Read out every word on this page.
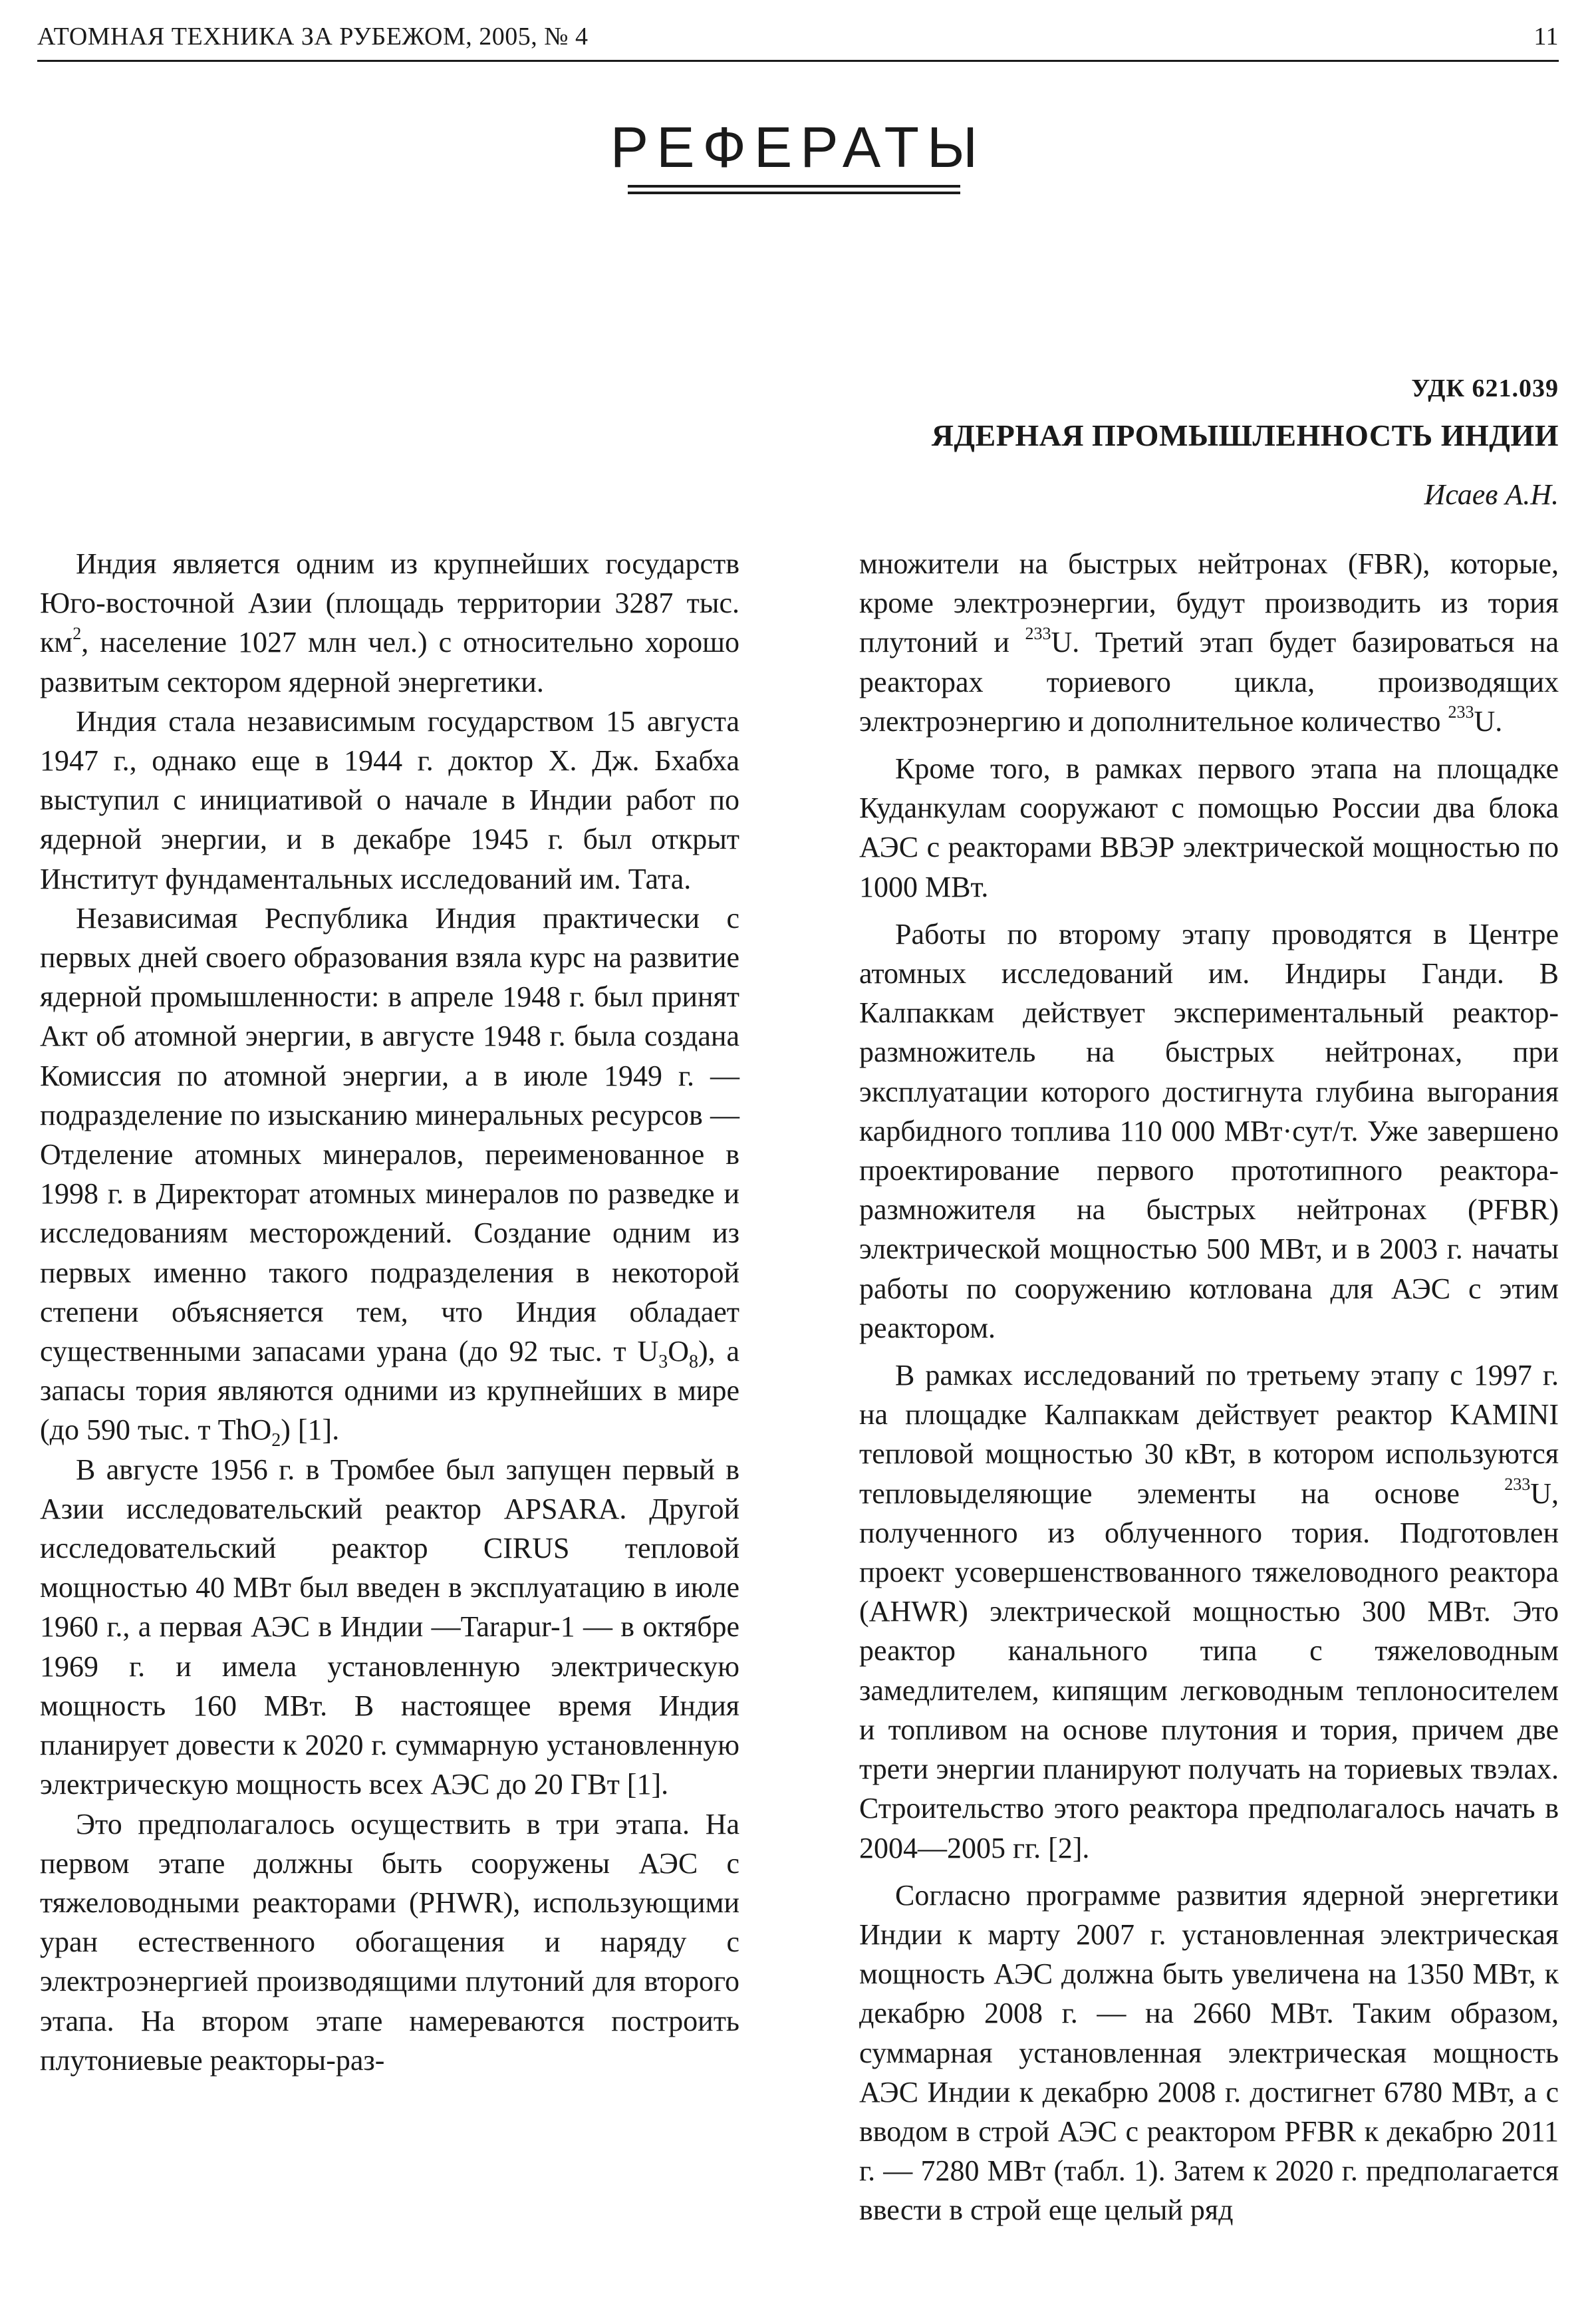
АТОМНАЯ ТЕХНИКА ЗА РУБЕЖОМ, 2005, № 4	11
РЕФЕРАТЫ
УДК 621.039
ЯДЕРНАЯ ПРОМЫШЛЕННОСТЬ ИНДИИ
Исаев А.Н.

Индия является одним из крупнейших государств Юго-восточной Азии (площадь территории 3287 тыс. $км^2$, население 1027 млн чел.) с относительно хорошо развитым сектором ядерной энергетики.

Индия стала независимым государством 15 августа 1947 г., однако еще в 1944 г. доктор Х. Дж. Бхабха выступил с инициативой о начале в Индии работ по ядерной энергии, и в декабре 1945 г. был открыт Институт фундаментальных исследований им. Тата.

Независимая Республика Индия практически с первых дней своего образования взяла курс на развитие ядерной промышленности: в апреле 1948 г. был принят Акт об атомной энергии, в августе 1948 г. была создана Комиссия по атомной энергии, а в июле 1949 г. — подразделение по изысканию минеральных ресурсов — Отделение атомных минералов, переименованное в 1998 г. в Директорат атомных минералов по разведке и исследованиям месторождений. Создание одним из первых именно такого подразделения в некоторой степени объясняется тем, что Индия обладает существенными запасами урана (до 92 тыс. т $U_3O_8$), а запасы тория являются одними из крупнейших в мире (до 590 тыс. т ThO$_2$) [1].

В августе 1956 г. в Тромбее был запущен первый в Азии исследовательский реактор APSARA. Другой исследовательский реактор CIRUS тепловой мощностью 40 МВт был введен в эксплуатацию в июле 1960 г., а первая АЭС в Индии —Tarapur-1 — в октябре 1969 г. и имела установленную электрическую мощность 160 МВт. В настоящее время Индия планирует довести к 2020 г. суммарную установленную электрическую мощность всех АЭС до 20 ГВт [1].

Это предполагалось осуществить в три этапа. На первом этапе должны быть сооружены АЭС с тяжеловодными реакторами (PHWR), использующими уран естественного обогащения и наряду с электроэнергией производящими плутоний для второго этапа. На втором этапе намереваются построить плутониевые реакторы-раз-

множители на быстрых нейтронах (FBR), которые, кроме электроэнергии, будут производить из тория плутоний и $^{233}$U. Третий этап будет базироваться на реакторах ториевого цикла, производящих электроэнергию и дополнительное количество $^{233}$U.

Кроме того, в рамках первого этапа на площадке Куданкулам сооружают с помощью России два блока АЭС с реакторами ВВЭР электрической мощностью по 1000 МВт.

Работы по второму этапу проводятся в Центре атомных исследований им. Индиры Ганди. В Калпаккам действует экспериментальный реактор-размножитель на быстрых нейтронах, при эксплуатации которого достигнута глубина выгорания карбидного топлива 110 000 МВт·сут/т. Уже завершено проектирование первого прототипного реактора-размножителя на быстрых нейтронах (PFBR) электрической мощностью 500 МВт, и в 2003 г. начаты работы по сооружению котлована для АЭС с этим реактором.

В рамках исследований по третьему этапу с 1997 г. на площадке Калпаккам действует реактор KAMINI тепловой мощностью 30 кВт, в котором используются тепловыделяющие элементы на основе $^{233}$U, полученного из облученного тория. Подготовлен проект усовершенствованного тяжеловодного реактора (AHWR) электрической мощностью 300 МВт. Это реактор канального типа с тяжеловодным замедлителем, кипящим легководным теплоносителем и топливом на основе плутония и тория, причем две трети энергии планируют получать на ториевых твэлах. Строительство этого реактора предполагалось начать в 2004—2005 гг. [2].

Согласно программе развития ядерной энергетики Индии к марту 2007 г. установленная электрическая мощность АЭС должна быть увеличена на 1350 МВт, к декабрю 2008 г. — на 2660 МВт. Таким образом, суммарная установленная электрическая мощность АЭС Индии к декабрю 2008 г. достигнет 6780 МВт, а с вводом в строй АЭС с реактором PFBR к декабрю 2011 г. — 7280 МВт (табл. 1). Затем к 2020 г. предполагается ввести в строй еще целый ряд
